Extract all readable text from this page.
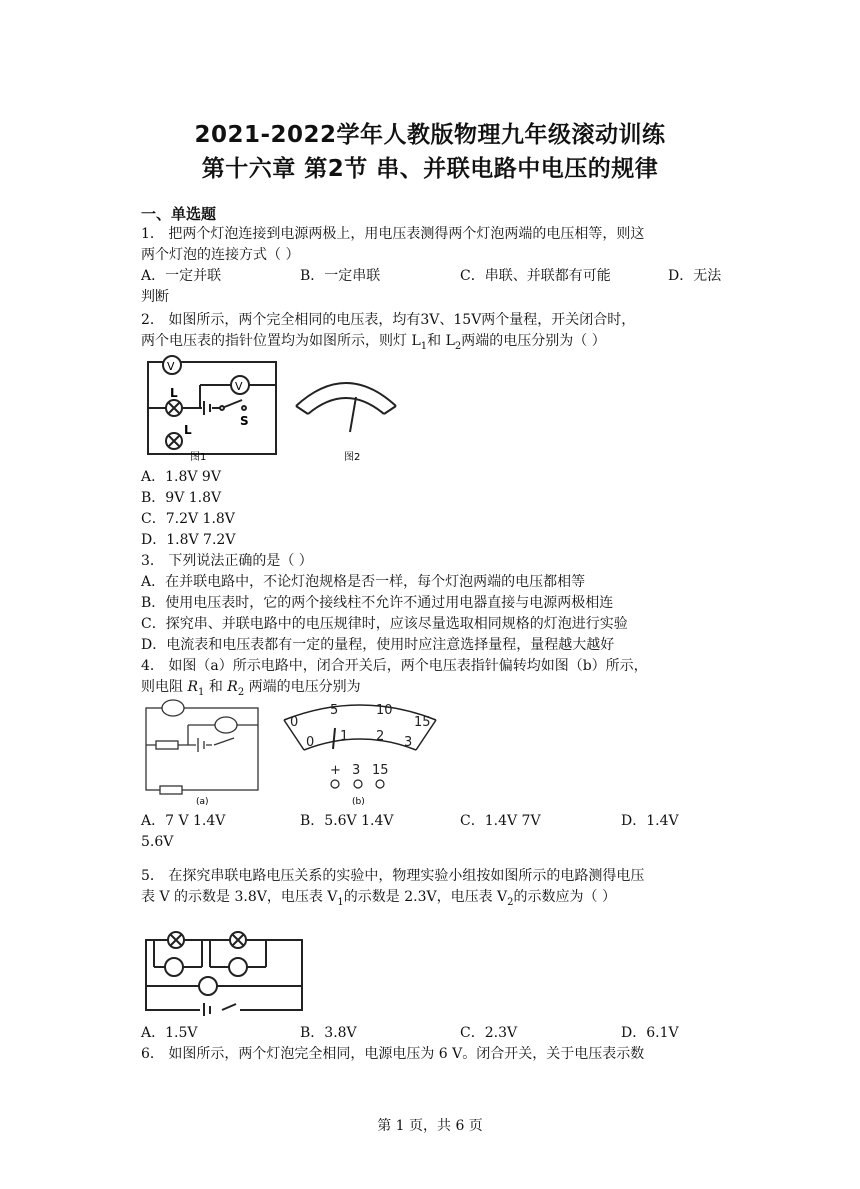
2021-2022学年人教版物理九年级滚动训练
第十六章 第2节 串、并联电路中电压的规律
一、单选题
1． 把两个灯泡连接到电源两极上，用电压表测得两个灯泡两端的电压相等，则这
两个灯泡的连接方式（ ）
A．一定并联	B．一定串联	C．串联、并联都有可能	D．无法
判断
2． 如图所示，两个完全相同的电压表，均有3V、15V两个量程，开关闭合时，
两个电压表的指针位置均为如图所示，则灯 $L_1$和 $L_2$两端的电压分别为（ ）
V
V
L
S
L
图1	图2
A．1.8V 9V
B．9V 1.8V
C．7.2V 1.8V
D．1.8V 7.2V
3． 下列说法正确的是（ ）
A．在并联电路中，不论灯泡规格是否一样，每个灯泡两端的电压都相等
B．使用电压表时，它的两个接线柱不允许不通过用电器直接与电源两极相连
C．探究串、并联电路中的电压规律时，应该尽量选取相同规格的灯泡进行实验
D．电流表和电压表都有一定的量程，使用时应注意选择量程，量程越大越好
4． 如图（a）所示电路中，闭合开关后，两个电压表指针偏转均如图（b）所示，
则电阻 $R_1$ 和 $R_2$ 两端的电压分别为
(a)
0
5	10
15
0 1 2 3
+ 3 15
(b)
A．7 V 1.4V	B．5.6V 1.4V	C．1.4V 7V	D．1.4V
5.6V
5． 在探究串联电路电压关系的实验中，物理实验小组按如图所示的电路测得电压
表 V 的示数是 3.8V，电压表 $V_1$的示数是 2.3V，电压表 $V_2$的示数应为（ ）
A．1.5V	B．3.8V	C．2.3V	D．6.1V
6． 如图所示，两个灯泡完全相同，电源电压为 6 V。闭合开关，关于电压表示数
第 1 页，共 6 页
